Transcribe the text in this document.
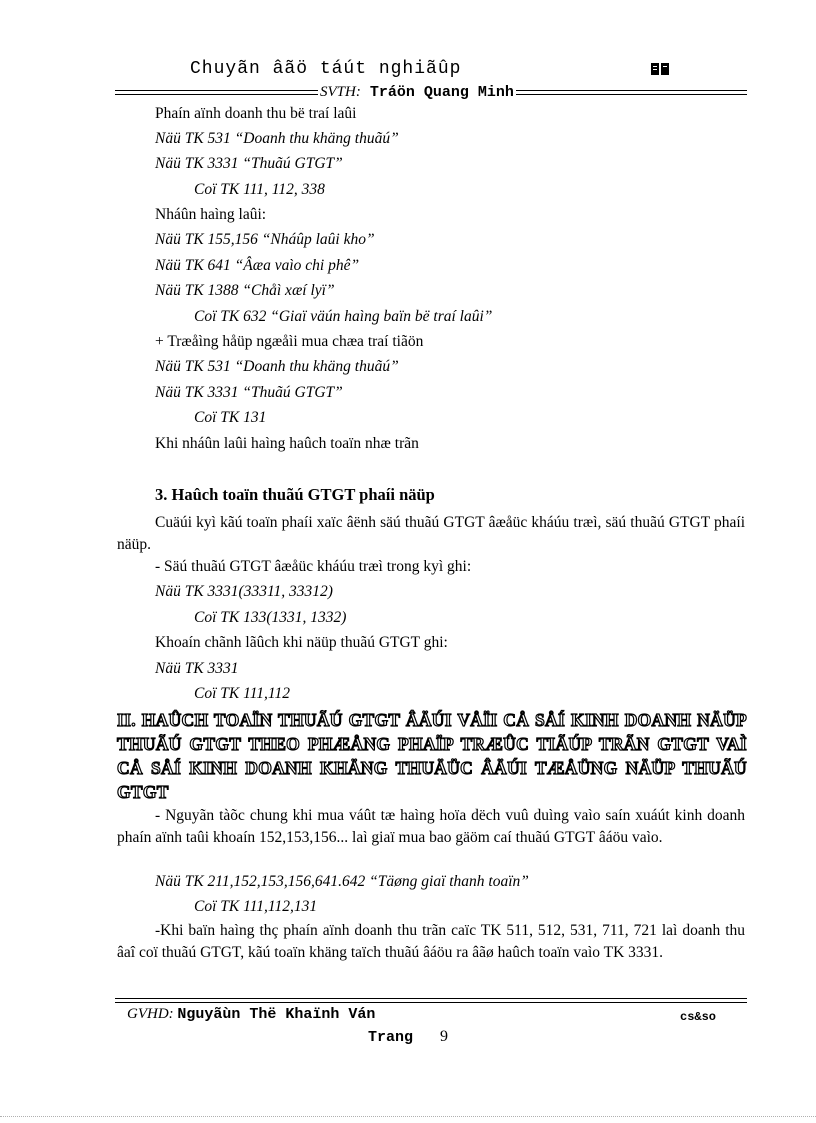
Chuyãn âãö táút nghiãûp
SVTH: Tráön Quang Minh
Phaín aïnh doanh thu bë traí laûi
Näü TK 531 “Doanh thu khäng thuãú”
Näü TK 3331 “Thuãú GTGT”
Coï TK 111, 112, 338
Nháûn haìng laûi:
Näü TK 155,156 “Nháûp laûi kho”
Näü TK 641 “Âæa vaìo chi phê”
Näü TK 1388 “Chåì xæí lyï”
Coï TK 632 “Giaï väún haìng baïn bë traí laûi”
+ Træåìng håüp ngæåìi mua chæa traí tiãön
Näü TK 531 “Doanh thu khäng thuãú”
Näü TK 3331 “Thuãú GTGT”
Coï TK 131
Khi nháûn laûi haìng haûch toaïn nhæ trãn
3. Haûch toaïn thuãú GTGT phaíi näüp
Cuäúi kyì kãú toaïn phaíi xaïc âënh säú thuãú GTGT âæåüc kháúu træì, säú thuãú GTGT phaíi näüp.
- Säú thuãú GTGT âæåüc kháúu træì trong kyì ghi:
Näü TK 3331(33311, 33312)
Coï TK 133(1331, 1332)
Khoaín chãnh lãûch khi näüp thuãú GTGT ghi:
Näü TK 3331
Coï TK 111,112
II. HAÛCH TOAÏN THUÃÚ GTGT ÂÄÚI VÅÏI CÅ SÅÍ KINH DOANH NÄÜP THUÃÚ GTGT THEO PHÆÅNG PHAÏP TRÆÛC TIÃÚP TRÃN GTGT VAÌ CÅ SÅÍ KINH DOANH KHÄNG THUÄÜC ÂÄÚI TÆÅÜNG NÄÜP THUÃÚ GTGT
- Nguyãn tàõc chung khi mua váût tæ haìng hoïa dëch vuû duìng vaìo saín xuáút kinh doanh phaín aïnh taûi khoaín 152,153,156... laì giaï mua bao gäöm caí thuãú GTGT âáöu vaìo.
Näü TK 211,152,153,156,641.642 “Täøng giaï thanh toaïn”
Coï TK 111,112,131
-Khi baïn haìng thç phaín aïnh doanh thu trãn caïc TK 511, 512, 531, 711, 721 laì doanh thu âaî coï thuãú GTGT, kãú toaïn khäng taïch thuãú âáöu ra âãø haûch toaïn vaìo TK 3331.
GVHD: Nguyãùn Thë Khaïnh Ván	cs&so
Trang 9
